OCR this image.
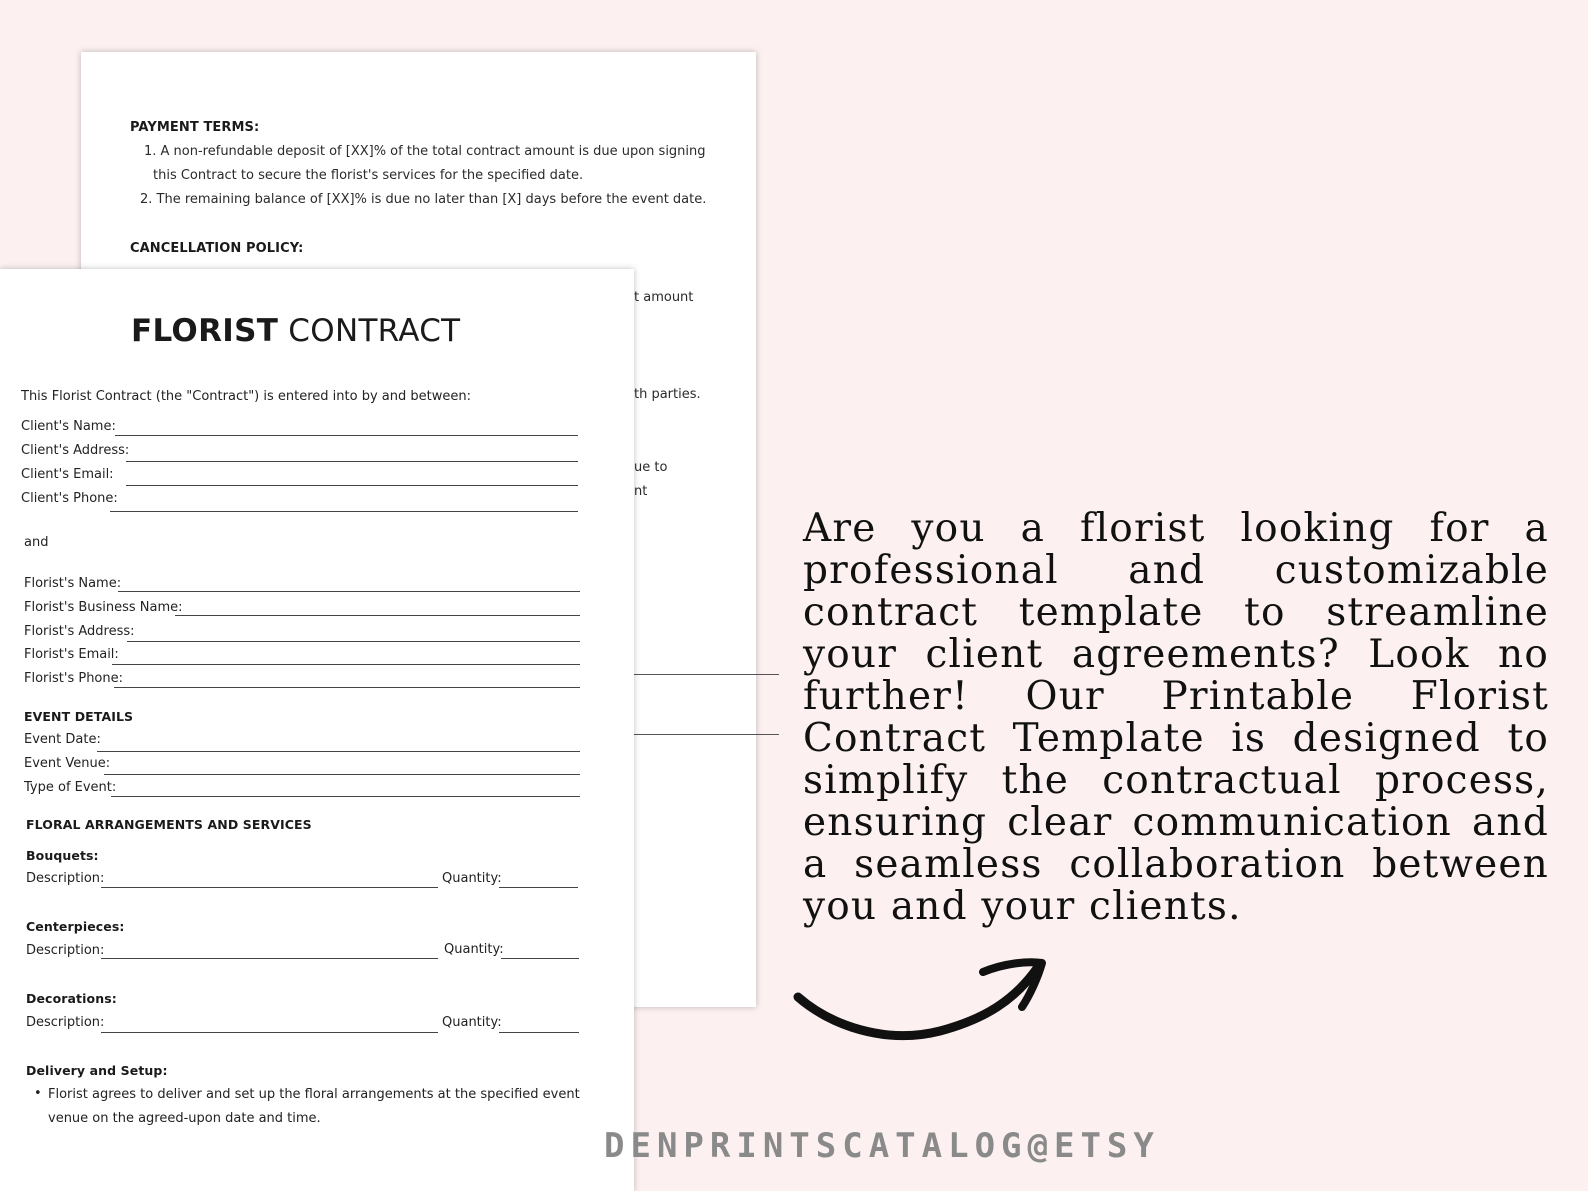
PAYMENT TERMS:
1. A non-refundable deposit of [XX]% of the total contract amount is due upon signing
this Contract to secure the florist's services for the specified date.
2. The remaining balance of [XX]% is due no later than [X] days before the event date.
CANCELLATION POLICY:
t amount
th parties.
ue to
nt
FLORIST CONTRACT
This Florist Contract (the "Contract") is entered into by and between:
Client's Name:
Client's Address:
Client's Email:
Client's Phone:
and
Florist's Name:
Florist's Business Name:
Florist's Address:
Florist's Email:
Florist's Phone:
EVENT DETAILS
Event Date:
Event Venue:
Type of Event:
FLORAL ARRANGEMENTS AND SERVICES
Bouquets:
Description:	Quantity:
Centerpieces:
Description:	Quantity:
Decorations:
Description:	Quantity:
Delivery and Setup:
• Florist agrees to deliver and set up the floral arrangements at the specified event
venue on the agreed-upon date and time.
Are you a florist looking for a professional and customizable contract template to streamline your client agreements? Look no further! Our Printable Florist Contract Template is designed to simplify the contractual process, ensuring clear communication and a seamless collaboration between you and your clients.
DENPRINTSCATALOG@ETSY
